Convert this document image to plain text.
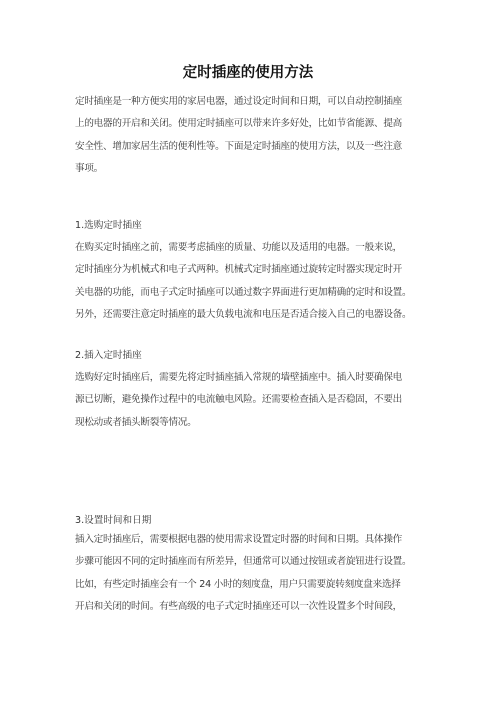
定时插座的使用方法
定时插座是一种方便实用的家居电器，通过设定时间和日期，可以自动控制插座
上的电器的开启和关闭。使用定时插座可以带来许多好处，比如节省能源、提高
安全性、增加家居生活的便利性等。下面是定时插座的使用方法，以及一些注意
事项。
1.选购定时插座
在购买定时插座之前，需要考虑插座的质量、功能以及适用的电器。一般来说，
定时插座分为机械式和电子式两种。机械式定时插座通过旋转定时器实现定时开
关电器的功能，而电子式定时插座可以通过数字界面进行更加精确的定时和设置。
另外，还需要注意定时插座的最大负载电流和电压是否适合接入自己的电器设备。
2.插入定时插座
选购好定时插座后，需要先将定时插座插入常规的墙壁插座中。插入时要确保电
源已切断，避免操作过程中的电流触电风险。还需要检查插入是否稳固，不要出
现松动或者插头断裂等情况。
3.设置时间和日期
插入定时插座后，需要根据电器的使用需求设置定时器的时间和日期。具体操作
步骤可能因不同的定时插座而有所差异，但通常可以通过按钮或者旋钮进行设置。
比如，有些定时插座会有一个 24 小时的刻度盘，用户只需要旋转刻度盘来选择
开启和关闭的时间。有些高级的电子式定时插座还可以一次性设置多个时间段，
